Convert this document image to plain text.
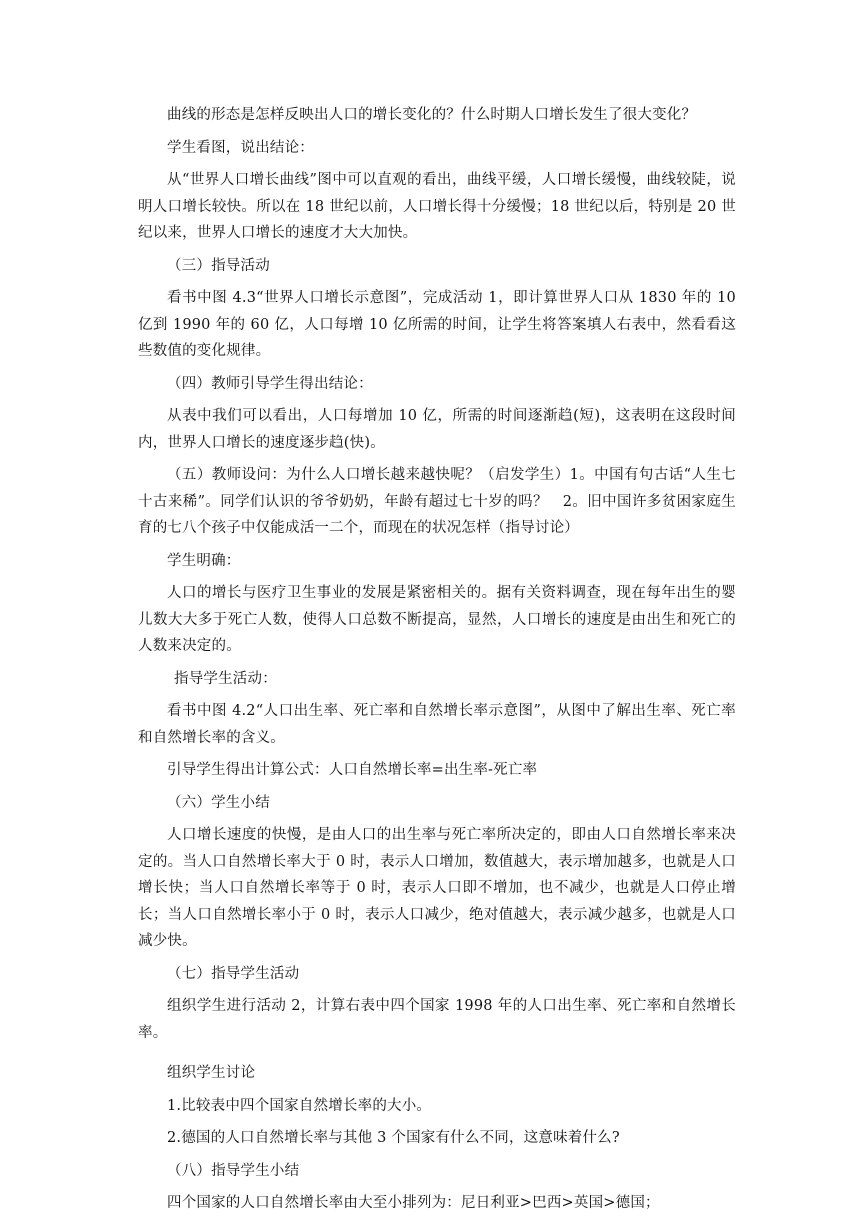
曲线的形态是怎样反映出人口的增长变化的？什么时期人口增长发生了很大变化？

学生看图，说出结论：

从“世界人口增长曲线”图中可以直观的看出，曲线平缓，人口增长缓慢，曲线较陡，说明人口增长较快。所以在 18 世纪以前，人口增长得十分缓慢；18 世纪以后，特别是 20 世纪以来，世界人口增长的速度才大大加快。

（三）指导活动

看书中图 4.3“世界人口增长示意图”，完成活动 1，即计算世界人口从 1830 年的 10 亿到 1990 年的 60 亿，人口每增 10 亿所需的时间，让学生将答案填人右表中，然看看这些数值的变化规律。

（四）教师引导学生得出结论：

从表中我们可以看出，人口每增加 10 亿，所需的时间逐渐趋(短)，这表明在这段时间内，世界人口增长的速度逐步趋(快)。

（五）教师设问：为什么人口增长越来越快呢？（启发学生）1。中国有句古话“人生七十古来稀”。同学们认识的爷爷奶奶，年龄有超过七十岁的吗？　2。旧中国许多贫困家庭生育的七八个孩子中仅能成活一二个，而现在的状况怎样（指导讨论）

学生明确：

人口的增长与医疗卫生事业的发展是紧密相关的。据有关资料调查，现在每年出生的婴儿数大大多于死亡人数，使得人口总数不断提高，显然，人口增长的速度是由出生和死亡的人数来决定的。

指导学生活动：

看书中图 4.2“人口出生率、死亡率和自然增长率示意图”，从图中了解出生率、死亡率和自然增长率的含义。

引导学生得出计算公式：人口自然增长率=出生率-死亡率

（六）学生小结

人口增长速度的快慢，是由人口的出生率与死亡率所决定的，即由人口自然增长率来决定的。当人口自然增长率大于 0 时，表示人口增加，数值越大，表示增加越多，也就是人口增长快；当人口自然增长率等于 0 时，表示人口即不增加，也不减少，也就是人口停止增长；当人口自然增长率小于 0 时，表示人口减少，绝对值越大，表示减少越多，也就是人口减少快。

（七）指导学生活动

组织学生进行活动 2，计算右表中四个国家 1998 年的人口出生率、死亡率和自然增长率。

组织学生讨论

1.比较表中四个国家自然增长率的大小。

2.德国的人口自然增长率与其他 3 个国家有什么不同，这意味着什么?

（八）指导学生小结

四个国家的人口自然增长率由大至小排列为：尼日利亚>巴西>英国>德国；
